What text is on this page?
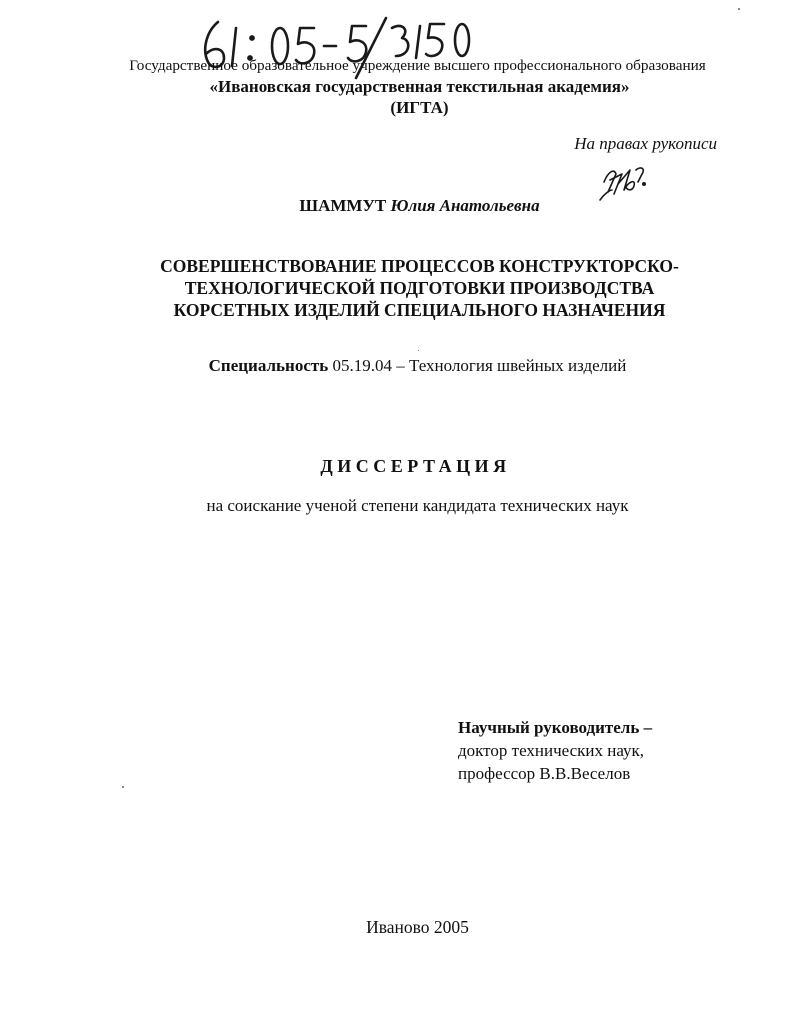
Государственное образовательное учреждение высшего профессионального образования
«Ивановская государственная текстильная академия»
(ИГТА)
На правах рукописи
ШАММУТ Юлия Анатольевна
СОВЕРШЕНСТВОВАНИЕ ПРОЦЕССОВ КОНСТРУКТОРСКО-
ТЕХНОЛОГИЧЕСКОЙ ПОДГОТОВКИ ПРОИЗВОДСТВА
КОРСЕТНЫХ ИЗДЕЛИЙ СПЕЦИАЛЬНОГО НАЗНАЧЕНИЯ
Специальность 05.19.04 – Технология швейных изделий
ДИССЕРТАЦИЯ
на соискание ученой степени кандидата технических наук
Научный руководитель –
доктор технических наук,
профессор В.В.Веселов
Иваново 2005
